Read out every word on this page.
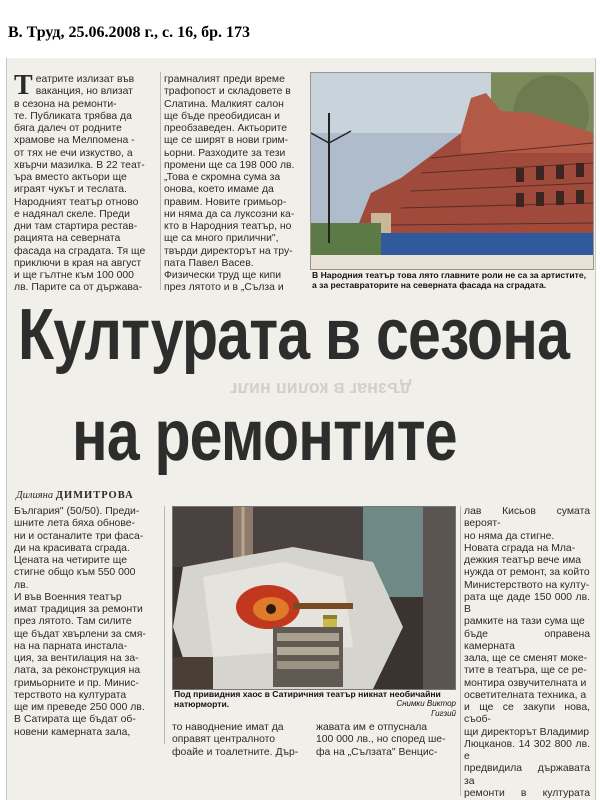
В. Труд, 25.06.2008 г., с. 16, бр. 173
Т еатрите излизат във
ваканция, но влизат
в сезона на ремонти-
те. Публиката трябва да
бяга далеч от родните
храмове на Мелпомена -
от тях не ечи изкуство, а
хвърчи мазилка. В 22 теат-
ъра вместо актьори ще
играят чукът и теслата.
Народният театър отново
е надянал скеле. Преди
дни там стартира рестав-
рацията на северната
фасада на сградата. Тя ще
приключи в края на август
и ще гълтне към 100 000
лв. Парите са от държава-

грамналият преди време
трафопост и складовете в
Слатина. Малкият салон
ще бъде преобидисан и
преобзаведен. Актьорите
ще се ширят в нови грим-
ьорни. Разходите за тези
промени ще са 198 000 лв.
„Това е скромна сума за
онова, което имаме да
правим. Новите гримьор-
ни няма да са луксозни ка-
кто в Народния театър, но
ще са много прилични",
твърди директорът на тру-
пата Павел Васев.
Физически труд ще кипи
през лятото и в „Сълза и

В Народния театър това лято главните роли не са за артистите, а за реставраторите на северната фасада на сградата.
дъзнаг в колип нилг
Културата в сезона
на ремонтите
Дилияна ДИМИТРОВА

България" (50/50). Преди-
шните лета бяха обнове-
ни и останалите три фаса-
ди на красивата сграда.
Цената на четирите ще
стигне общо към 550 000
лв.
И във Военния театър
имат традиция за ремонти
през лятото. Там силите
ще бъдат хвърлени за смя-
на на парната инстала-
ция, за вентилация на за-
лата, за реконструкция на
гримьорните и пр. Минис-
терството на културата
ще им преведе 250 000 лв.
В Сатирата ще бъдат об-
новени камерната зала,

Под привидния хаос в Сатиричния театър никнат необичайни натюрморти.	Снимки Виктор Гигзий

то наводнение имат да
оправят централното
фоайе и тоалетните. Дър-

жавата им е отпуснала
100 000 лв., но според ше-
фа на „Сълзата" Венцис-

лав Кисьов сумата вероят-
но няма да стигне.
Новата сграда на Мла-
дежкия театър вече има
нужда от ремонт, за който
Министерството на култу-
рата ще даде 150 000 лв. В
рамките на тази сума ще
бъде оправена камерната
зала, ще се сменят моке-
тите в театъра, ще се ре-
монтира озвучителната и
осветителната техника, а
и ще се закупи нова, съоб-
щи директорът Владимир
Люцканов. 14 302 800 лв. е
предвидила държавата за
ремонти в културата
